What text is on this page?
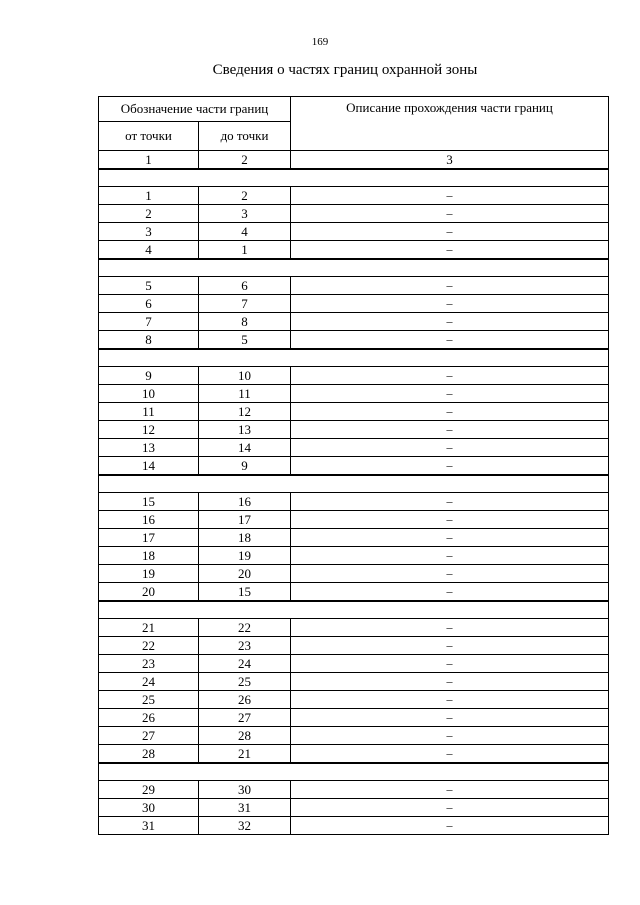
169
Сведения о частях границ охранной зоны
Обозначение части границ		Описание прохождения части границ
от точки	до точки	
1	2	3

1	2	–
2	3	–
3	4	–
4	1	–

5	6	–
6	7	–
7	8	–
8	5	–

9	10	–
10	11	–
11	12	–
12	13	–
13	14	–
14	9	–

15	16	–
16	17	–
17	18	–
18	19	–
19	20	–
20	15	–

21	22	–
22	23	–
23	24	–
24	25	–
25	26	–
26	27	–
27	28	–
28	21	–

29	30	–
30	31	–
31	32	–
